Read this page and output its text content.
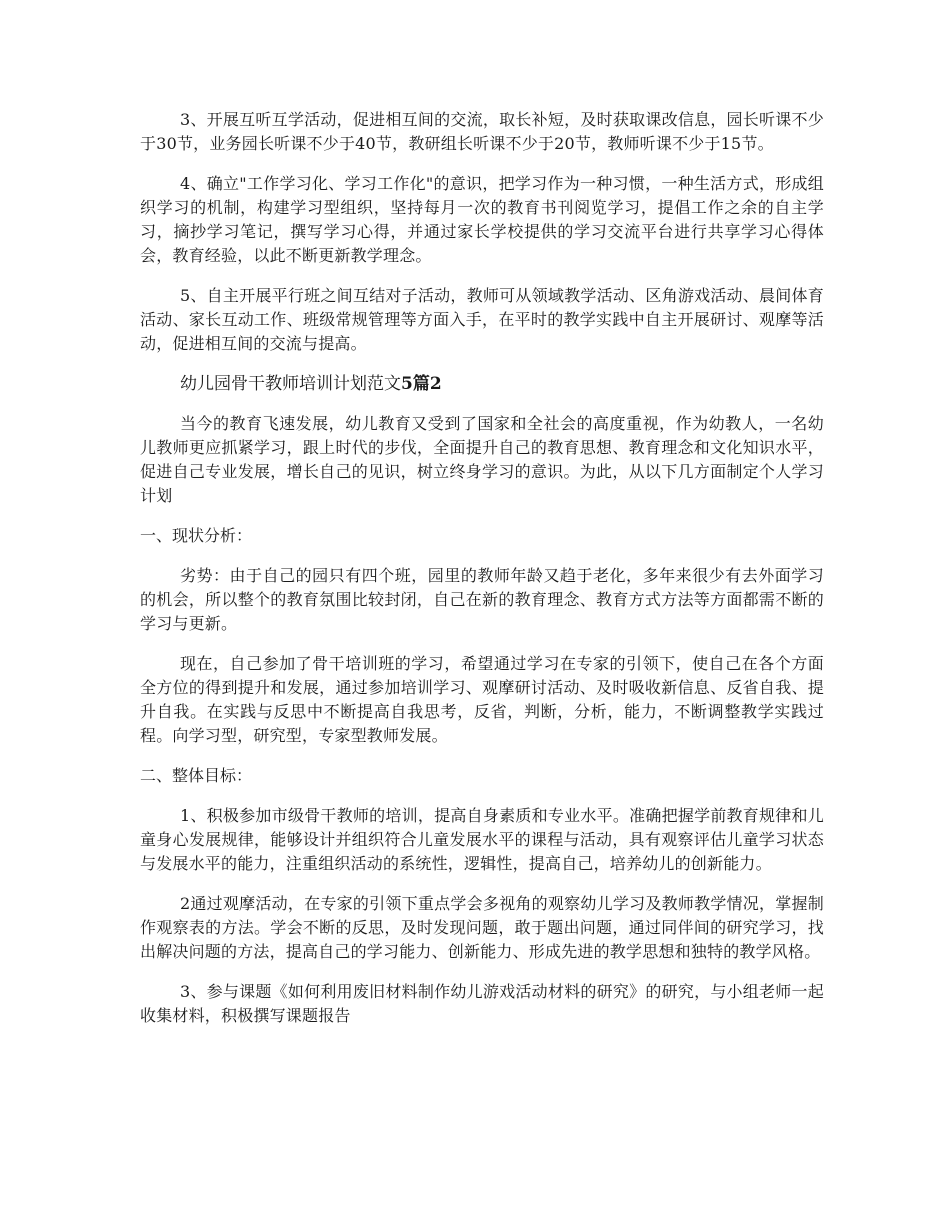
3、开展互听互学活动，促进相互间的交流，取长补短，及时获取课改信息，园长听课不少于30节，业务园长听课不少于40节，教研组长听课不少于20节，教师听课不少于15节。

4、确立"工作学习化、学习工作化"的意识，把学习作为一种习惯，一种生活方式，形成组织学习的机制，构建学习型组织，坚持每月一次的教育书刊阅览学习，提倡工作之余的自主学习，摘抄学习笔记，撰写学习心得，并通过家长学校提供的学习交流平台进行共享学习心得体会，教育经验，以此不断更新教学理念。

5、自主开展平行班之间互结对子活动，教师可从领域教学活动、区角游戏活动、晨间体育活动、家长互动工作、班级常规管理等方面入手，在平时的教学实践中自主开展研讨、观摩等活动，促进相互间的交流与提高。

幼儿园骨干教师培训计划范文5篇2

当今的教育飞速发展，幼儿教育又受到了国家和全社会的高度重视，作为幼教人，一名幼儿教师更应抓紧学习，跟上时代的步伐，全面提升自己的教育思想、教育理念和文化知识水平，促进自己专业发展，增长自己的见识，树立终身学习的意识。为此，从以下几方面制定个人学习计划

一、现状分析：

劣势：由于自己的园只有四个班，园里的教师年龄又趋于老化，多年来很少有去外面学习的机会，所以整个的教育氛围比较封闭，自己在新的教育理念、教育方式方法等方面都需不断的学习与更新。

现在，自己参加了骨干培训班的学习，希望通过学习在专家的引领下，使自己在各个方面全方位的得到提升和发展，通过参加培训学习、观摩研讨活动、及时吸收新信息、反省自我、提升自我。在实践与反思中不断提高自我思考，反省，判断，分析，能力，不断调整教学实践过程。向学习型，研究型，专家型教师发展。

二、整体目标：

1、积极参加市级骨干教师的培训，提高自身素质和专业水平。准确把握学前教育规律和儿童身心发展规律，能够设计并组织符合儿童发展水平的课程与活动，具有观察评估儿童学习状态与发展水平的能力，注重组织活动的系统性，逻辑性，提高自己，培养幼儿的创新能力。

2通过观摩活动，在专家的引领下重点学会多视角的观察幼儿学习及教师教学情况，掌握制作观察表的方法。学会不断的反思，及时发现问题，敢于题出问题，通过同伴间的研究学习，找出解决问题的方法，提高自己的学习能力、创新能力、形成先进的教学思想和独特的教学风格。

3、参与课题《如何利用废旧材料制作幼儿游戏活动材料的研究》的研究，与小组老师一起收集材料，积极撰写课题报告
